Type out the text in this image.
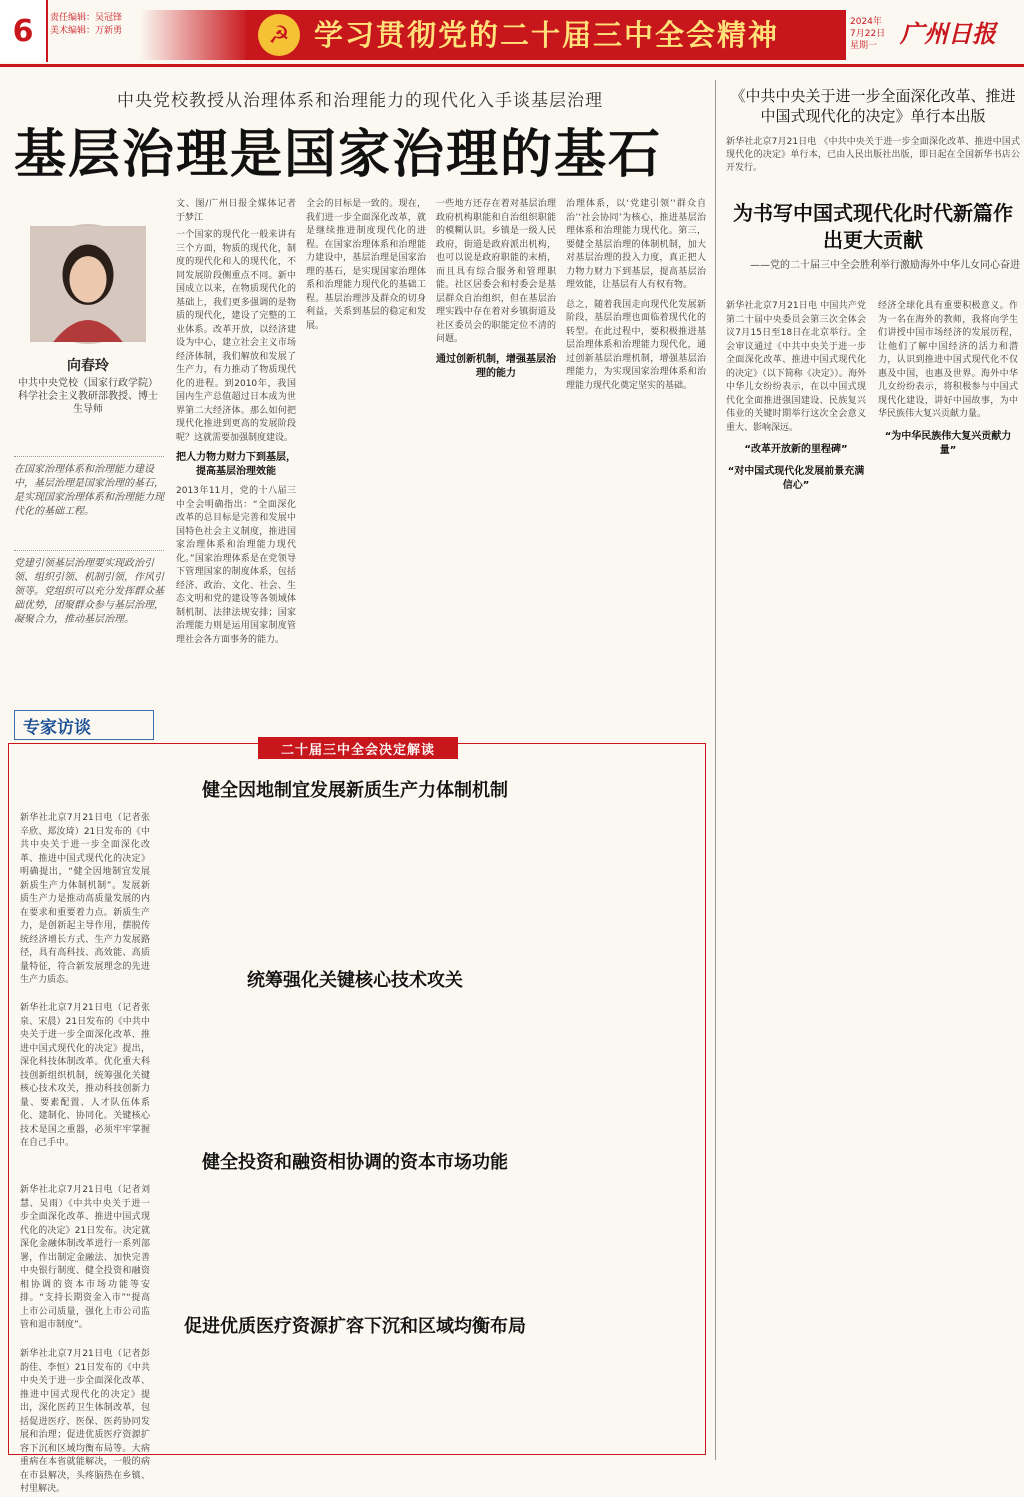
6	责任编辑：吴冠锋
美术编辑：万新勇	☭ 学习贯彻党的二十届三中全会精神	2024年
7月22日
星期一 广州日报
中央党校教授从治理体系和治理能力的现代化入手谈基层治理
基层治理是国家治理的基石
向春玲
中共中央党校（国家行政学院）科学社会主义教研部教授、博士生导师
在国家治理体系和治理能力建设中，基层治理是国家治理的基石，是实现国家治理体系和治理能力现代化的基础工程。
党建引领基层治理要实现政治引领、组织引领、机制引领，作风引领等。党组织可以充分发挥群众基础优势，团聚群众参与基层治理，凝聚合力，推动基层治理。
专家访谈
文、图/广州日报全媒体记者于梦江
一个国家的现代化一般来讲有三个方面，物质的现代化，制度的现代化和人的现代化，不同发展阶段侧重点不同。新中国成立以来，在物质现代化的基础上，我们更多强调的是物质的现代化，建设了完整的工业体系。改革开放，以经济建设为中心，建立社会主义市场经济体制，我们解放和发展了生产力，有力推动了物质现代化的进程。到2010年，我国国内生产总值超过日本成为世界第二大经济体。那么如何把现代化推进到更高的发展阶段呢？这就需要加强制度建设。
把人力物力财力下到基层，提高基层治理效能
2013年11月，党的十八届三中全会明确指出：“全面深化改革的总目标是完善和发展中国特色社会主义制度，推进国家治理体系和治理能力现代化。”国家治理体系是在党领导下管理国家的制度体系，包括经济、政治、文化、社会、生态文明和党的建设等各领域体制机制、法律法规安排；国家治理能力则是运用国家制度管理社会各方面事务的能力。
全会的目标是一致的。现在，我们进一步全面深化改革，就是继续推进制度现代化的进程。在国家治理体系和治理能力建设中，基层治理是国家治理的基石，是实现国家治理体系和治理能力现代化的基础工程。基层治理涉及群众的切身利益，关系到基层的稳定和发展。
一些地方还存在着对基层治理政府机构职能和自治组织职能的模糊认识。乡镇是一级人民政府，街道是政府派出机构，也可以说是政府职能的末梢，而且具有综合服务和管理职能。社区居委会和村委会是基层群众自治组织，但在基层治理实践中存在着对乡镇街道及社区委员会的职能定位不清的问题。
通过创新机制，增强基层治理的能力
治理体系，以‘党建引领’‘群众自治’‘社会协同’为核心，推进基层治理体系和治理能力现代化。第三，要健全基层治理的体制机制，加大对基层治理的投入力度，真正把人力物力财力下到基层，提高基层治理效能，让基层有人有权有物。
总之，随着我国走向现代化发展新阶段，基层治理也面临着现代化的转型。在此过程中，要积极推进基层治理体系和治理能力现代化，通过创新基层治理机制，增强基层治理能力，为实现国家治理体系和治理能力现代化奠定坚实的基础。
《中共中央关于进一步全面深化改革、推进中国式现代化的决定》单行本出版
新华社北京7月21日电 《中共中央关于进一步全面深化改革、推进中国式现代化的决定》单行本，已由人民出版社出版，即日起在全国新华书店公开发行。
为书写中国式现代化时代新篇作出更大贡献
——党的二十届三中全会胜利举行激励海外中华儿女同心奋进
新华社北京7月21日电 中国共产党第二十届中央委员会第三次全体会议7月15日至18日在北京举行。全会审议通过《中共中央关于进一步全面深化改革、推进中国式现代化的决定》（以下简称《决定》）。海外中华儿女纷纷表示，在以中国式现代化全面推进强国建设、民族复兴伟业的关键时期举行这次全会意义重大、影响深远。
“改革开放新的里程碑”
“对中国式现代化发展前景充满信心”
经济全球化具有重要积极意义。作为一名在海外的教师，我将向学生们讲授中国市场经济的发展历程，让他们了解中国经济的活力和潜力，认识到推进中国式现代化不仅惠及中国，也惠及世界。海外中华儿女纷纷表示，将积极参与中国式现代化建设，讲好中国故事，为中华民族伟大复兴贡献力量。
“为中华民族伟大复兴贡献力量”
二十届三中全会决定解读
健全因地制宜发展新质生产力体制机制
新华社北京7月21日电（记者张辛欣、郑汝琦）21日发布的《中共中央关于进一步全面深化改革、推进中国式现代化的决定》明确提出，“健全因地制宜发展新质生产力体制机制”。发展新质生产力是推动高质量发展的内在要求和重要着力点。新质生产力，是创新起主导作用，摆脱传统经济增长方式、生产力发展路径，具有高科技、高效能、高质量特征，符合新发展理念的先进生产力质态。	统筹强化关键核心技术攻关
新华社北京7月21日电（记者张泉、宋晨）21日发布的《中共中央关于进一步全面深化改革、推进中国式现代化的决定》提出，深化科技体制改革。优化重大科技创新组织机制，统筹强化关键核心技术攻关，推动科技创新力量、要素配置、人才队伍体系化、建制化、协同化。关键核心技术是国之重器，必须牢牢掌握在自己手中。
健全投资和融资相协调的资本市场功能
新华社北京7月21日电（记者刘慧、吴雨）《中共中央关于进一步全面深化改革、推进中国式现代化的决定》21日发布。决定就深化金融体制改革进行一系列部署，作出制定金融法、加快完善中央银行制度、健全投资和融资相协调的资本市场功能等安排。“支持长期资金入市”“提高上市公司质量，强化上市公司监管和退市制度”。	促进优质医疗资源扩容下沉和区域均衡布局
新华社北京7月21日电（记者彭韵佳、李恒）21日发布的《中共中央关于进一步全面深化改革、推进中国式现代化的决定》提出，深化医药卫生体制改革，包括促进医疗、医保、医药协同发展和治理；促进优质医疗资源扩容下沉和区域均衡布局等。大病重病在本省就能解决，一般的病在市县解决，头疼脑热在乡镇、村里解决。
